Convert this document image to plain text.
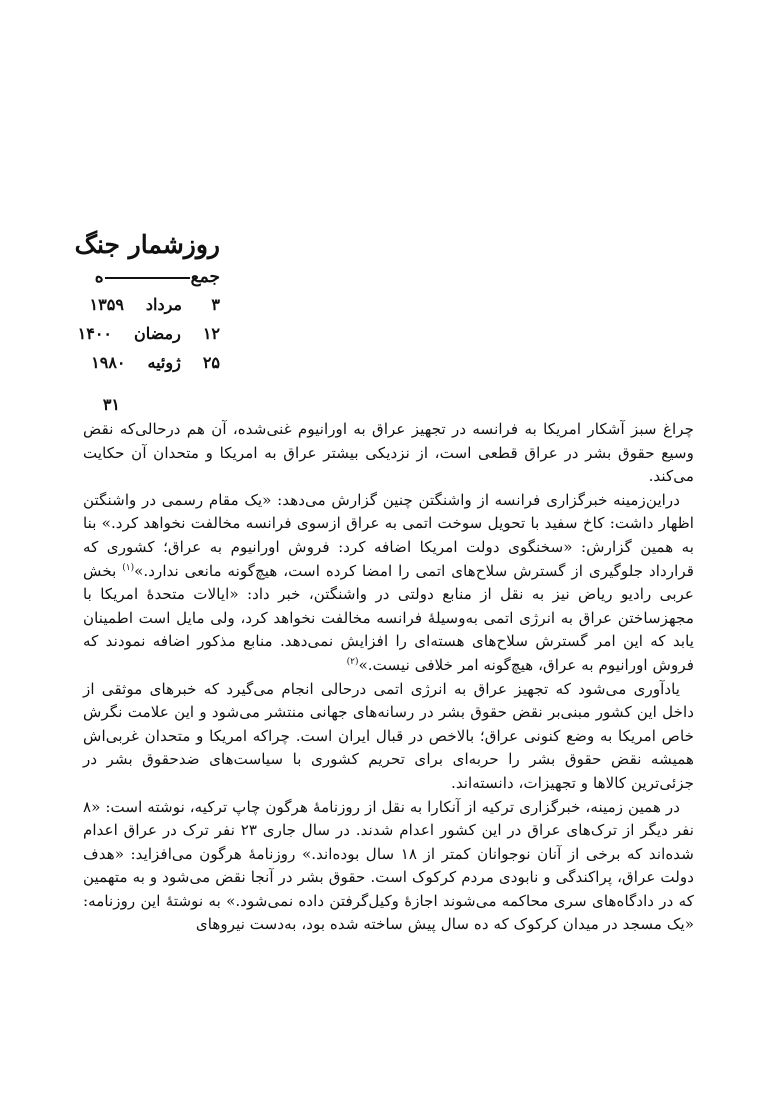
روزشمار جنگ
جمعه
۳
مرداد
۱۳۵۹
۱۲
رمضان
۱۴۰۰
۲۵
ژوئیه
۱۹۸۰
۳۱

چراغ سبز آشکار امریکا به فرانسه در تجهیز عراق به اورانیوم غنی‌شده، آن هم درحالی‌که نقض وسیع حقوق بشر در عراق قطعی است، از نزدیکی بیشتر عراق به امریکا و متحدان آن حکایت می‌کند.

دراین‌زمینه خبرگزاری فرانسه از واشنگتن چنین گزارش می‌دهد: «یک مقام رسمی در واشنگتن اظهار داشت: کاخ سفید با تحویل سوخت اتمی به عراق ازسوی فرانسه مخالفت نخواهد کرد.» بنا به همین گزارش: «سخنگوی دولت امریکا اضافه کرد: فروش اورانیوم به عراق؛ کشوری که قرارداد جلوگیری از گسترش سلاح‌های اتمی را امضا کرده است، هیچ‌گونه مانعی ندارد.»$^{(۱)}$ بخش عربی رادیو ریاض نیز به نقل از منابع دولتی در واشنگتن، خبر داد: «ایالات متحدهٔ امریکا با مجهزساختن عراق به انرژی اتمی به‌وسیلهٔ فرانسه مخالفت نخواهد کرد، ولی مایل است اطمینان یابد که این امر گسترش سلاح‌های هسته‌ای را افزایش نمی‌دهد. منابع مذکور اضافه نمودند که فروش اورانیوم به عراق، هیچ‌گونه امر خلافی نیست.»$^{(۲)}$

یادآوری می‌شود که تجهیز عراق به انرژی اتمی درحالی انجام می‌گیرد که خبرهای موثقی از داخل این کشور مبنی‌بر نقض حقوق بشر در رسانه‌های جهانی منتشر می‌شود و این علامت نگرش خاص امریکا به وضع کنونی عراق؛ بالاخص در قبال ایران است. چراکه امریکا و متحدان غربی‌اش همیشه نقض حقوق بشر را حربه‌ای برای تحریم کشوری با سیاست‌های ضدحقوق بشر در جزئی‌ترین کالاها و تجهیزات، دانسته‌اند.

در همین زمینه، خبرگزاری ترکیه از آنکارا به نقل از روزنامهٔ هرگون چاپ ترکیه، نوشته است: «۸ نفر دیگر از ترک‌های عراق در این کشور اعدام شدند. در سال جاری ۲۳ نفر ترک در عراق اعدام شده‌اند که برخی از آنان نوجوانان کمتر از ۱۸ سال بوده‌اند.» روزنامهٔ هرگون می‌افزاید: «هدف دولت عراق، پراکندگی و نابودی مردم کرکوک است. حقوق بشر در آنجا نقض می‌شود و به متهمین که در دادگاه‌های سری محاکمه می‌شوند اجازهٔ وکیل‌گرفتن داده نمی‌شود.» به نوشتهٔ این روزنامه: «یک مسجد در میدان کرکوک که ده سال پیش ساخته شده بود، به‌دست نیروهای
